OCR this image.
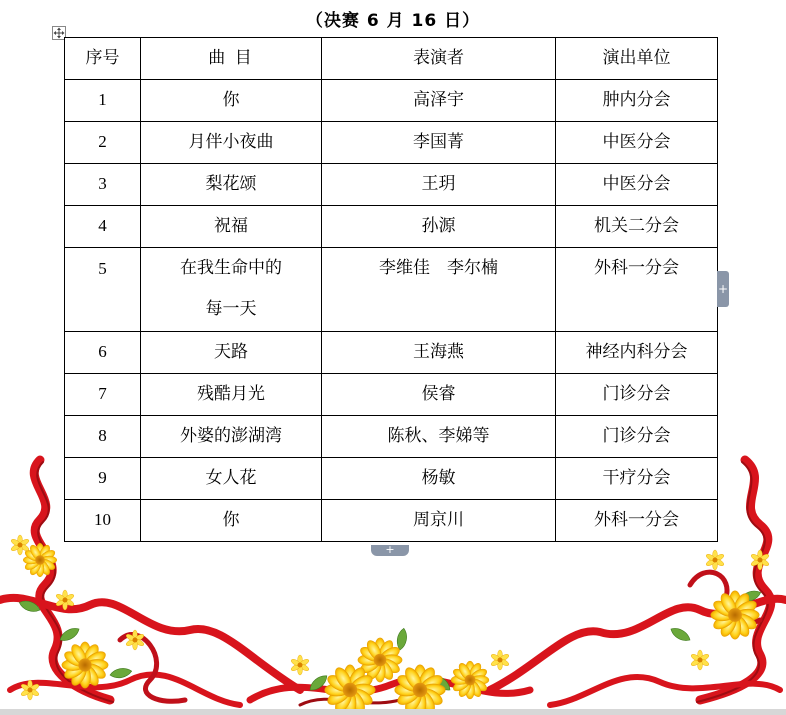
（决赛 6 月 16 日）
序号	曲 目	表演者	演出单位
1	你	高泽宇	肿内分会
2	月伴小夜曲	李国菁	中医分会
3	梨花颂	王玥	中医分会
4	祝福	孙源	机关二分会
5	在我生命中的
每一天	李维佳　李尔楠	外科一分会
6	天路	王海燕	神经内科分会
7	残酷月光	侯睿	门诊分会
8	外婆的澎湖湾	陈秋、李娣等	门诊分会
9	女人花	杨敏	干疗分会
10	你	周京川	外科一分会
+
+
